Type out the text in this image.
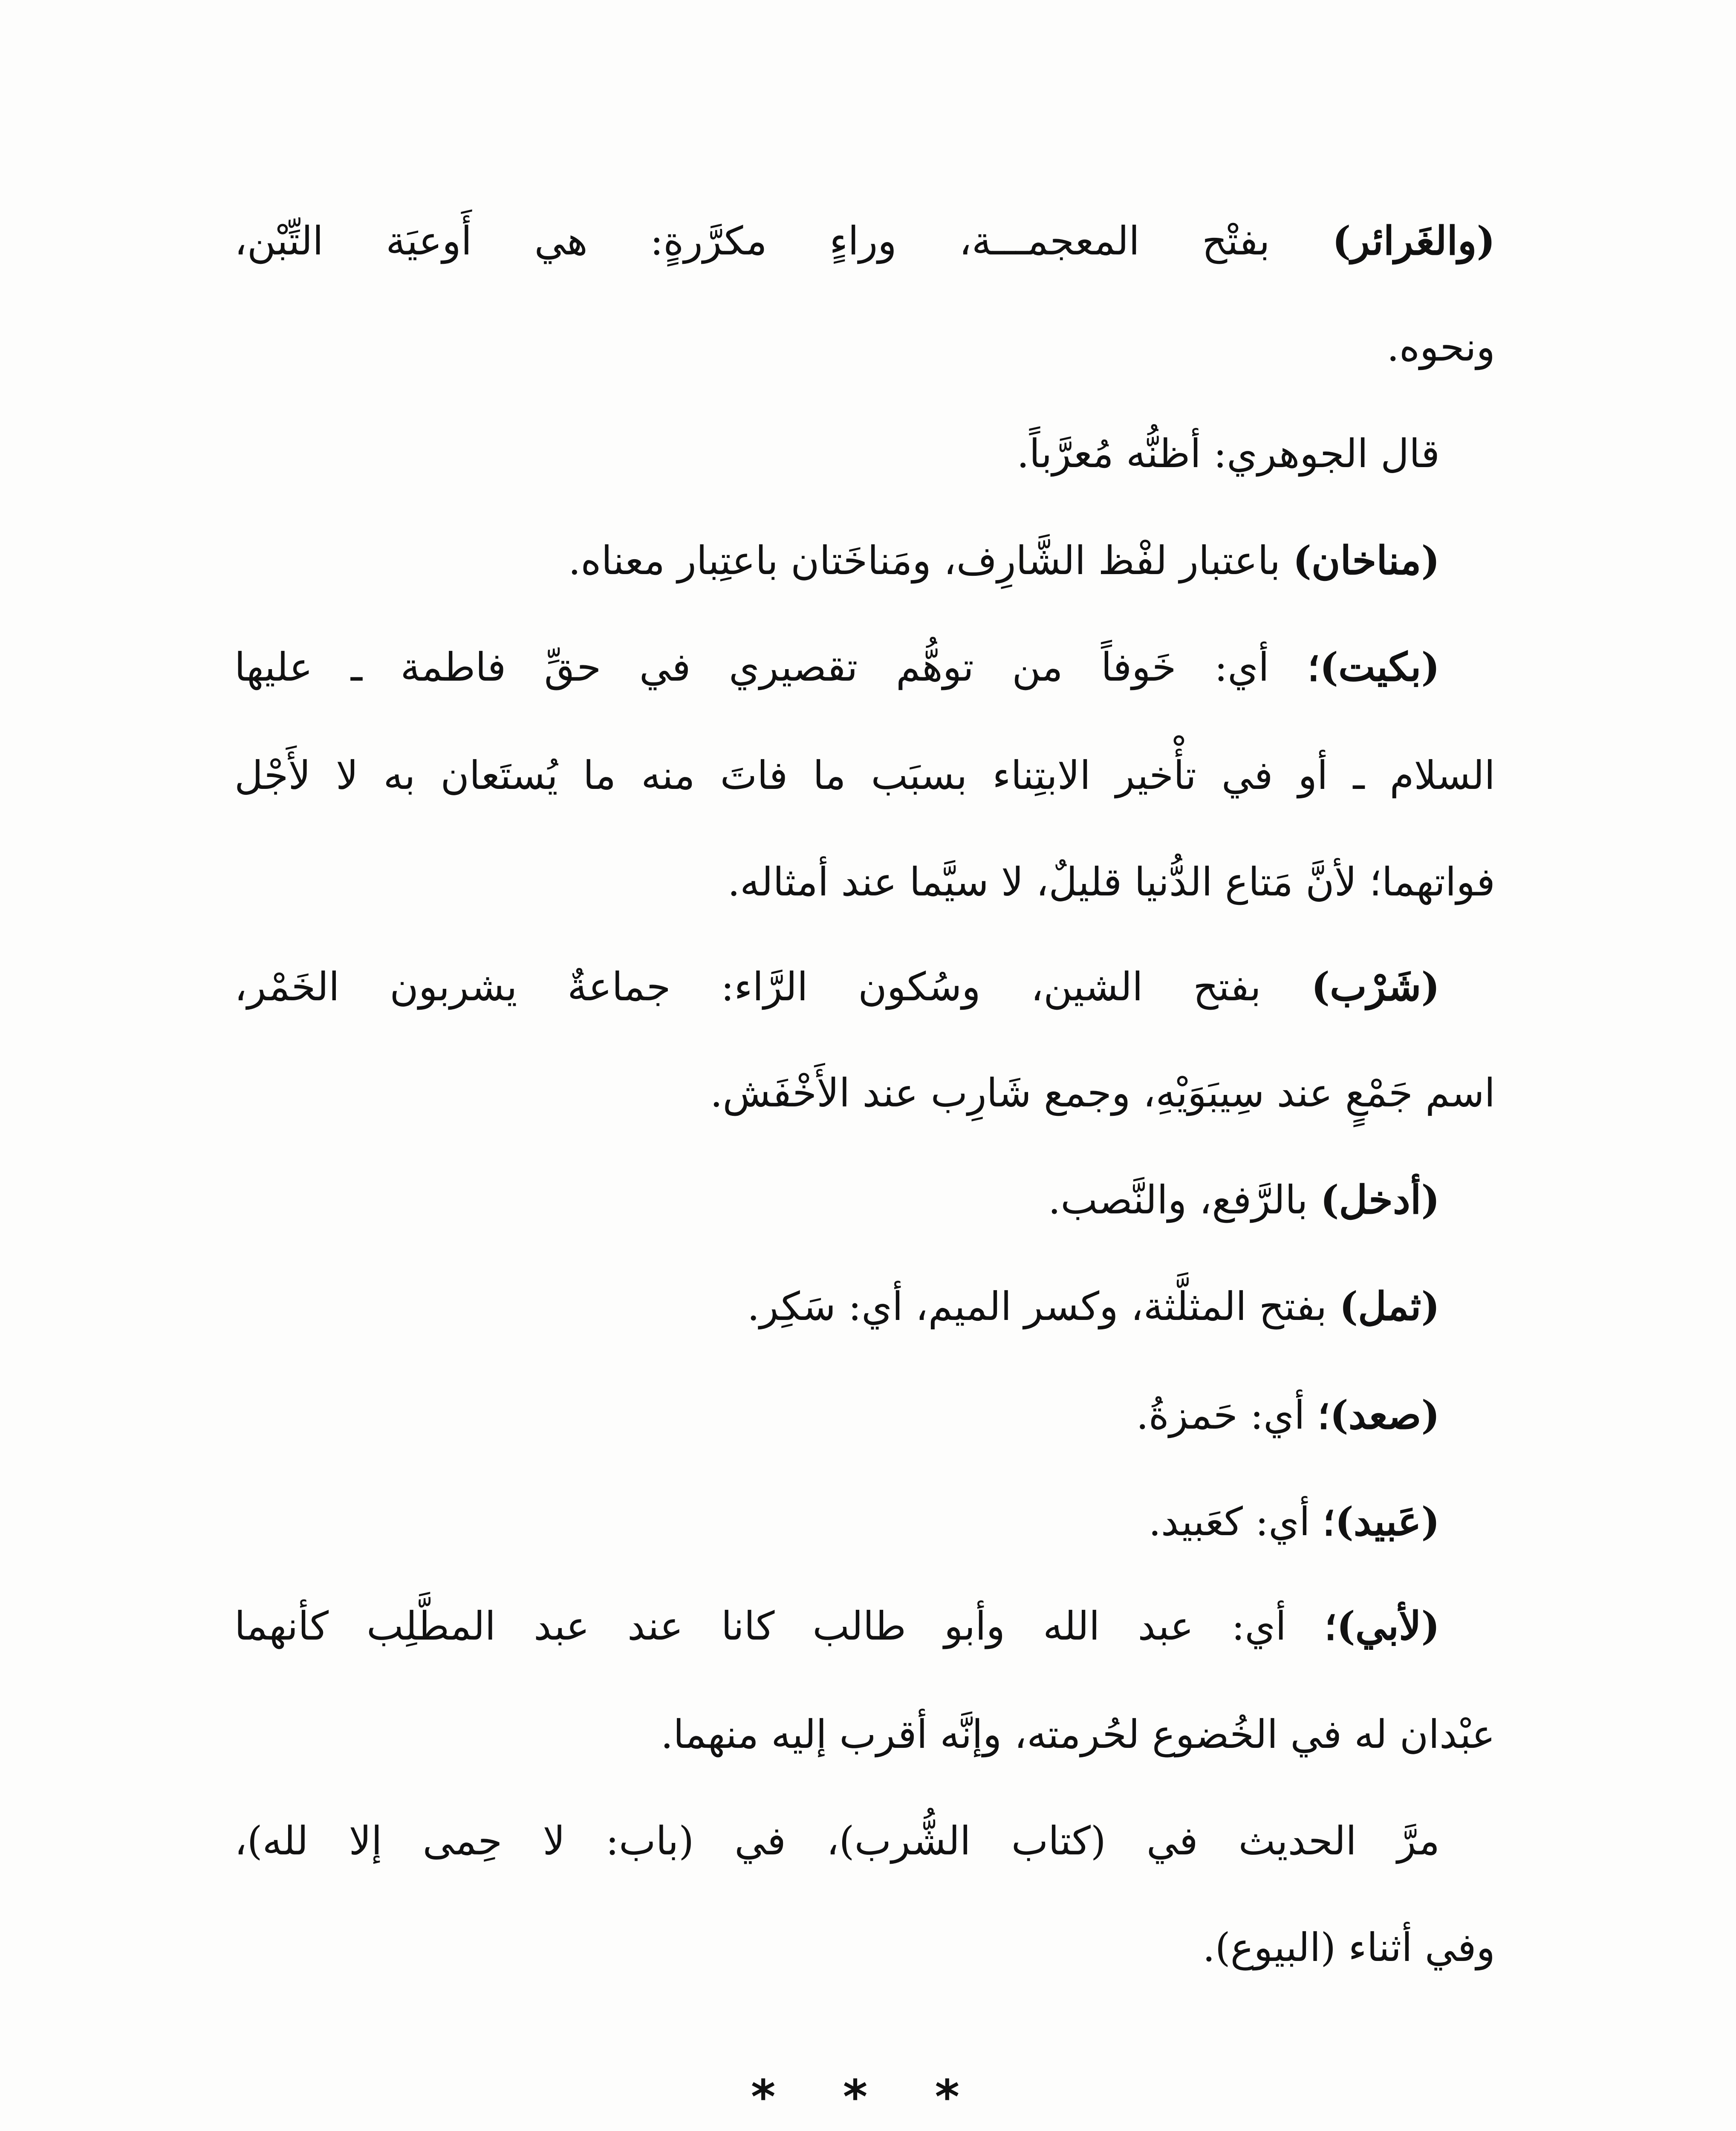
(والغَرائر) بفتْح المعجمـــة، وراءٍ مكرَّرةٍ: هي أَوعيَة التِّبْن،
ونحوه.
قال الجوهري: أظنُّه مُعرَّباً.
(مناخان) باعتبار لفْظ الشَّارِف، ومَناخَتان باعتِبار معناه.
(بكيت)؛ أي: خَوفاً من توهُّم تقصيري في حقِّ فاطمة ـ عليها
السلام ـ أو في تأْخير الابتِناء بسبَب ما فاتَ منه ما يُستَعان به لا لأَجْل
فواتهما؛ لأنَّ مَتاع الدُّنيا قليلٌ، لا سيَّما عند أمثاله.
(شَرْب) بفتح الشين، وسُكون الرَّاء: جماعةٌ يشربون الخَمْر،
اسم جَمْعٍ عند سِيبَوَيْهِ، وجمع شَارِب عند الأَخْفَش.
(أدخل) بالرَّفع، والنَّصب.
(ثمل) بفتح المثلَّثة، وكسر الميم، أي: سَكِر.
(صعد)؛ أي: حَمزةُ.
(عَبيد)؛ أي: كعَبيد.
(لأبي)؛ أي: عبد الله وأبو طالب كانا عند عبد المطَّلِب كأنهما
عبْدان له في الخُضوع لحُرمته، وإنَّه أقرب إليه منهما.
مرَّ الحديث في (كتاب الشُّرب)، في (باب: لا حِمى إلا لله)،
وفي أثناء (البيوع).
* * *
